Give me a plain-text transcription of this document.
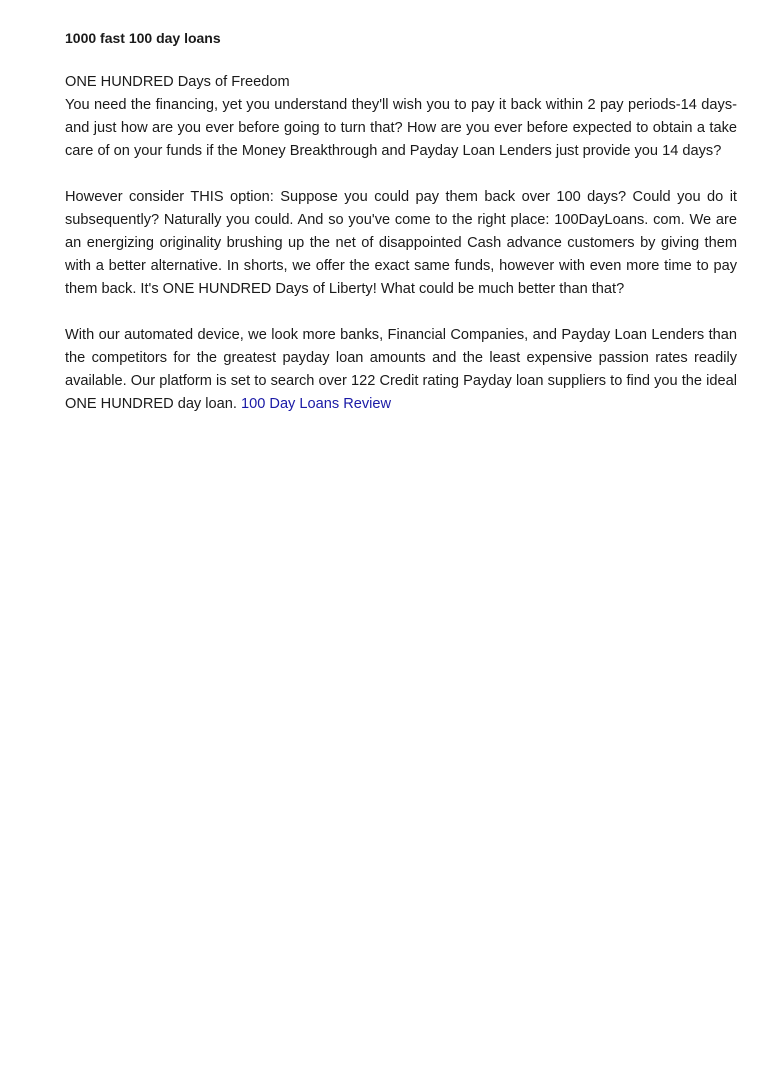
1000 fast 100 day loans
ONE HUNDRED Days of Freedom
You need the financing, yet you understand they'll wish you to pay it back within 2 pay periods-14 days-and just how are you ever before going to turn that? How are you ever before expected to obtain a take care of on your funds if the Money Breakthrough and Payday Loan Lenders just provide you 14 days?
However consider THIS option: Suppose you could pay them back over 100 days? Could you do it subsequently? Naturally you could. And so you've come to the right place: 100DayLoans. com. We are an energizing originality brushing up the net of disappointed Cash advance customers by giving them with a better alternative. In shorts, we offer the exact same funds, however with even more time to pay them back. It's ONE HUNDRED Days of Liberty! What could be much better than that?
With our automated device, we look more banks, Financial Companies, and Payday Loan Lenders than the competitors for the greatest payday loan amounts and the least expensive passion rates readily available. Our platform is set to search over 122 Credit rating Payday loan suppliers to find you the ideal ONE HUNDRED day loan. 100 Day Loans Review
